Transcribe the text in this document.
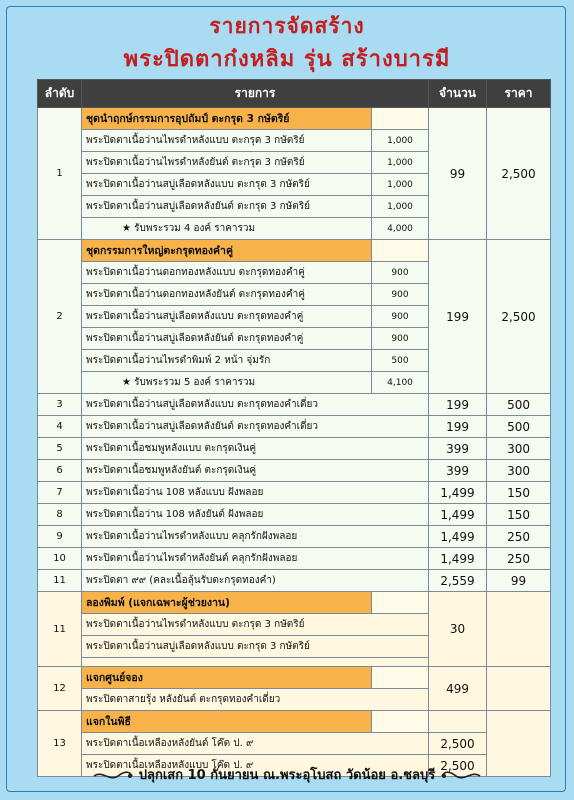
รายการจัดสร้าง
พระปิดตาก๋งหลิม รุ่น สร้างบารมี
ลำดับ	รายการ		จำนวน	ราคา
1	ชุดนำฤกษ์กรรมการอุปถัมป์ ตะกรุด 3 กษัตริย์		99	2,500
	พระปิดตาเนื้อว่านไพรดำหลังแบบ ตะกรุด 3 กษัตริย์	1,000		
	พระปิดตาเนื้อว่านไพรดำหลังยันต์ ตะกรุด 3 กษัตริย์	1,000		
	พระปิดตาเนื้อว่านสบู่เลือดหลังแบบ ตะกรุด 3 กษัตริย์	1,000		
	พระปิดตาเนื้อว่านสบู่เลือดหลังยันต์ ตะกรุด 3 กษัตริย์	1,000		
	★ รับพระรวม 4 องค์ ราคารวม	4,000		
2	ชุดกรรมการใหญ่ตะกรุดทองคำคู่		199	2,500
	พระปิดตาเนื้อว่านดอกทองหลังแบบ ตะกรุดทองคำคู่	900		
	พระปิดตาเนื้อว่านดอกทองหลังยันต์ ตะกรุดทองคำคู่	900		
	พระปิดตาเนื้อว่านสบู่เลือดหลังแบบ ตะกรุดทองคำคู่	900		
	พระปิดตาเนื้อว่านสบู่เลือดหลังยันต์ ตะกรุดทองคำคู่	900		
	พระปิดตาเนื้อว่านไพรดำพิมพ์ 2 หน้า จุ่มรัก	500		
	★ รับพระรวม 5 องค์ ราคารวม	4,100		
3	พระปิดตาเนื้อว่านสบู่เลือดหลังแบบ ตะกรุดทองคำเดี่ยว		199	500
4	พระปิดตาเนื้อว่านสบู่เลือดหลังยันต์ ตะกรุดทองคำเดี่ยว		199	500
5	พระปิดตาเนื้อชมพูหลังแบบ ตะกรุดเงินคู่		399	300
6	พระปิดตาเนื้อชมพูหลังยันต์ ตะกรุดเงินคู่		399	300
7	พระปิดตาเนื้อว่าน 108 หลังแบบ ฝังพลอย		1,499	150
8	พระปิดตาเนื้อว่าน 108 หลังยันต์ ฝังพลอย		1,499	150
9	พระปิดตาเนื้อว่านไพรดำหลังแบบ คลุกรักฝังพลอย		1,499	250
10	พระปิดตาเนื้อว่านไพรดำหลังยันต์ คลุกรักฝังพลอย		1,499	250
11	พระปิดตา ๙๙ (คละเนื้อลุ้นรับตะกรุดทองคำ)		2,559	99
11	ลองพิมพ์ (แจกเฉพาะผู้ช่วยงาน)		30	
	พระปิดตาเนื้อว่านไพรดำหลังแบบ ตะกรุด 3 กษัตริย์			
	พระปิดตาเนื้อว่านสบู่เลือดหลังแบบ ตะกรุด 3 กษัตริย์			

12	แจกศูนย์จอง		499	
	พระปิดตาสายรุ้ง หลังยันต์ ตะกรุดทองคำเดี่ยว			
13	แจกในพิธี			
	พระปิดตาเนื้อเหลืองหลังยันต์ โค๊ต ป. ๙		2,500	
	พระปิดตาเนื้อเหลืองหลังแบบ โค๊ต ป. ๙		2,500	
ปลุกเสก 10 กันยายน ณ.พระอุโบสถ วัดน้อย อ.ชลบุรี
